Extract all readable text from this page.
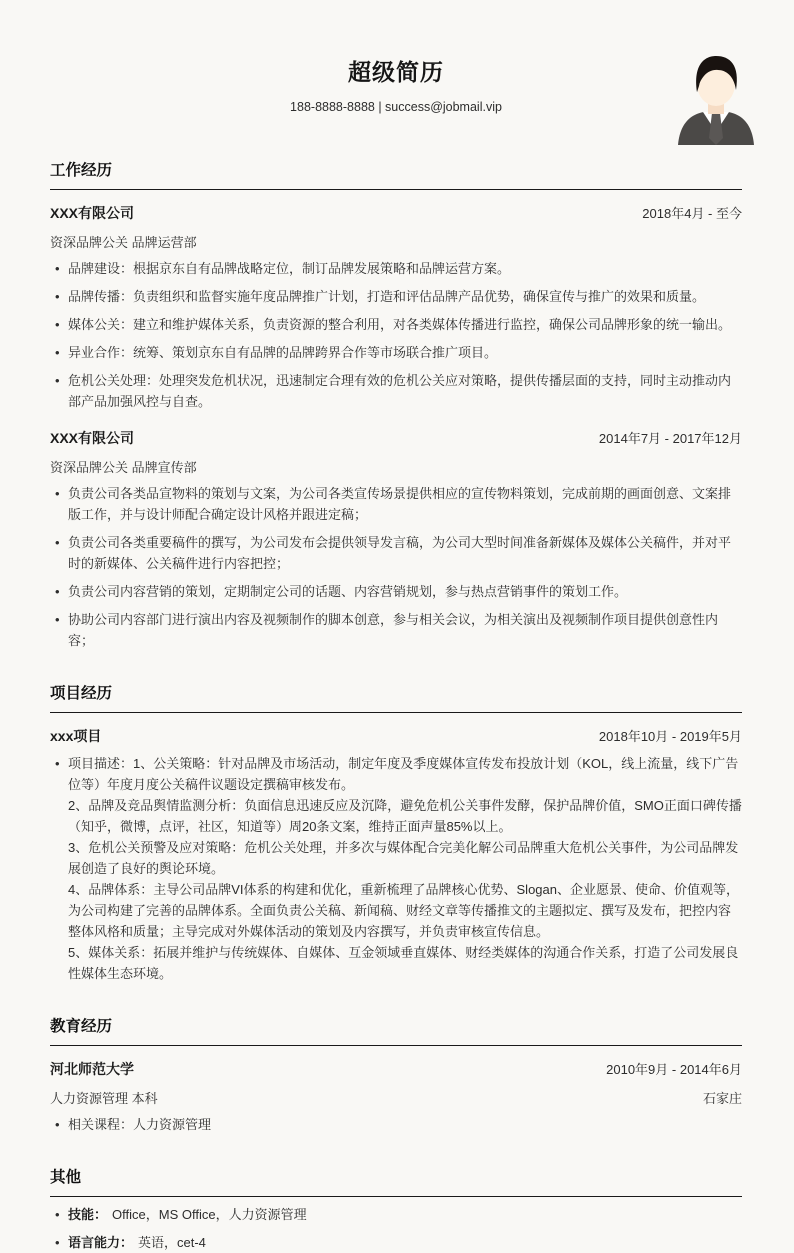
超级简历
188-8888-8888 | success@jobmail.vip
工作经历
XXX有限公司	2018年4月 - 至今
资深品牌公关 品牌运营部
• 品牌建设：根据京东自有品牌战略定位，制订品牌发展策略和品牌运营方案。
• 品牌传播：负责组织和监督实施年度品牌推广计划，打造和评估品牌产品优势，确保宣传与推广的效果和质量。
• 媒体公关：建立和维护媒体关系，负责资源的整合利用，对各类媒体传播进行监控，确保公司品牌形象的统一输出。
• 异业合作：统筹、策划京东自有品牌的品牌跨界合作等市场联合推广项目。
• 危机公关处理：处理突发危机状况，迅速制定合理有效的危机公关应对策略，提供传播层面的支持，同时主动推动内部产品加强风控与自查。
XXX有限公司	2014年7月 - 2017年12月
资深品牌公关 品牌宣传部
• 负责公司各类品宣物料的策划与文案，为公司各类宣传场景提供相应的宣传物料策划，完成前期的画面创意、文案排版工作，并与设计师配合确定设计风格并跟进定稿；
• 负责公司各类重要稿件的撰写，为公司发布会提供领导发言稿，为公司大型时间准备新媒体及媒体公关稿件，并对平时的新媒体、公关稿件进行内容把控；
• 负责公司内容营销的策划，定期制定公司的话题、内容营销规划，参与热点营销事件的策划工作。
• 协助公司内容部门进行演出内容及视频制作的脚本创意，参与相关会议，为相关演出及视频制作项目提供创意性内容；
项目经历
xxx项目	2018年10月 - 2019年5月
• 项目描述：1、公关策略：针对品牌及市场活动，制定年度及季度媒体宣传发布投放计划（KOL，线上流量，线下广告位等）年度月度公关稿件议题设定撰稿审核发布。
2、品牌及竞品舆情监测分析：负面信息迅速反应及沉降，避免危机公关事件发酵，保护品牌价值，SMO正面口碑传播（知乎，微博，点评，社区，知道等）周20条文案，维持正面声量85%以上。
3、危机公关预警及应对策略：危机公关处理，并多次与媒体配合完美化解公司品牌重大危机公关事件，为公司品牌发展创造了良好的舆论环境。
4、品牌体系：主导公司品牌VI体系的构建和优化，重新梳理了品牌核心优势、Slogan、企业愿景、使命、价值观等，为公司构建了完善的品牌体系。全面负责公关稿、新闻稿、财经文章等传播推文的主题拟定、撰写及发布，把控内容整体风格和质量；主导完成对外媒体活动的策划及内容撰写，并负责审核宣传信息。
5、媒体关系：拓展并维护与传统媒体、自媒体、互金领域垂直媒体、财经类媒体的沟通合作关系，打造了公司发展良性媒体生态环境。
教育经历
河北师范大学	2010年9月 - 2014年6月
人力资源管理 本科	石家庄
• 相关课程：人力资源管理
其他
• 技能： Office，MS Office，人力资源管理
• 语言能力： 英语，cet-4
